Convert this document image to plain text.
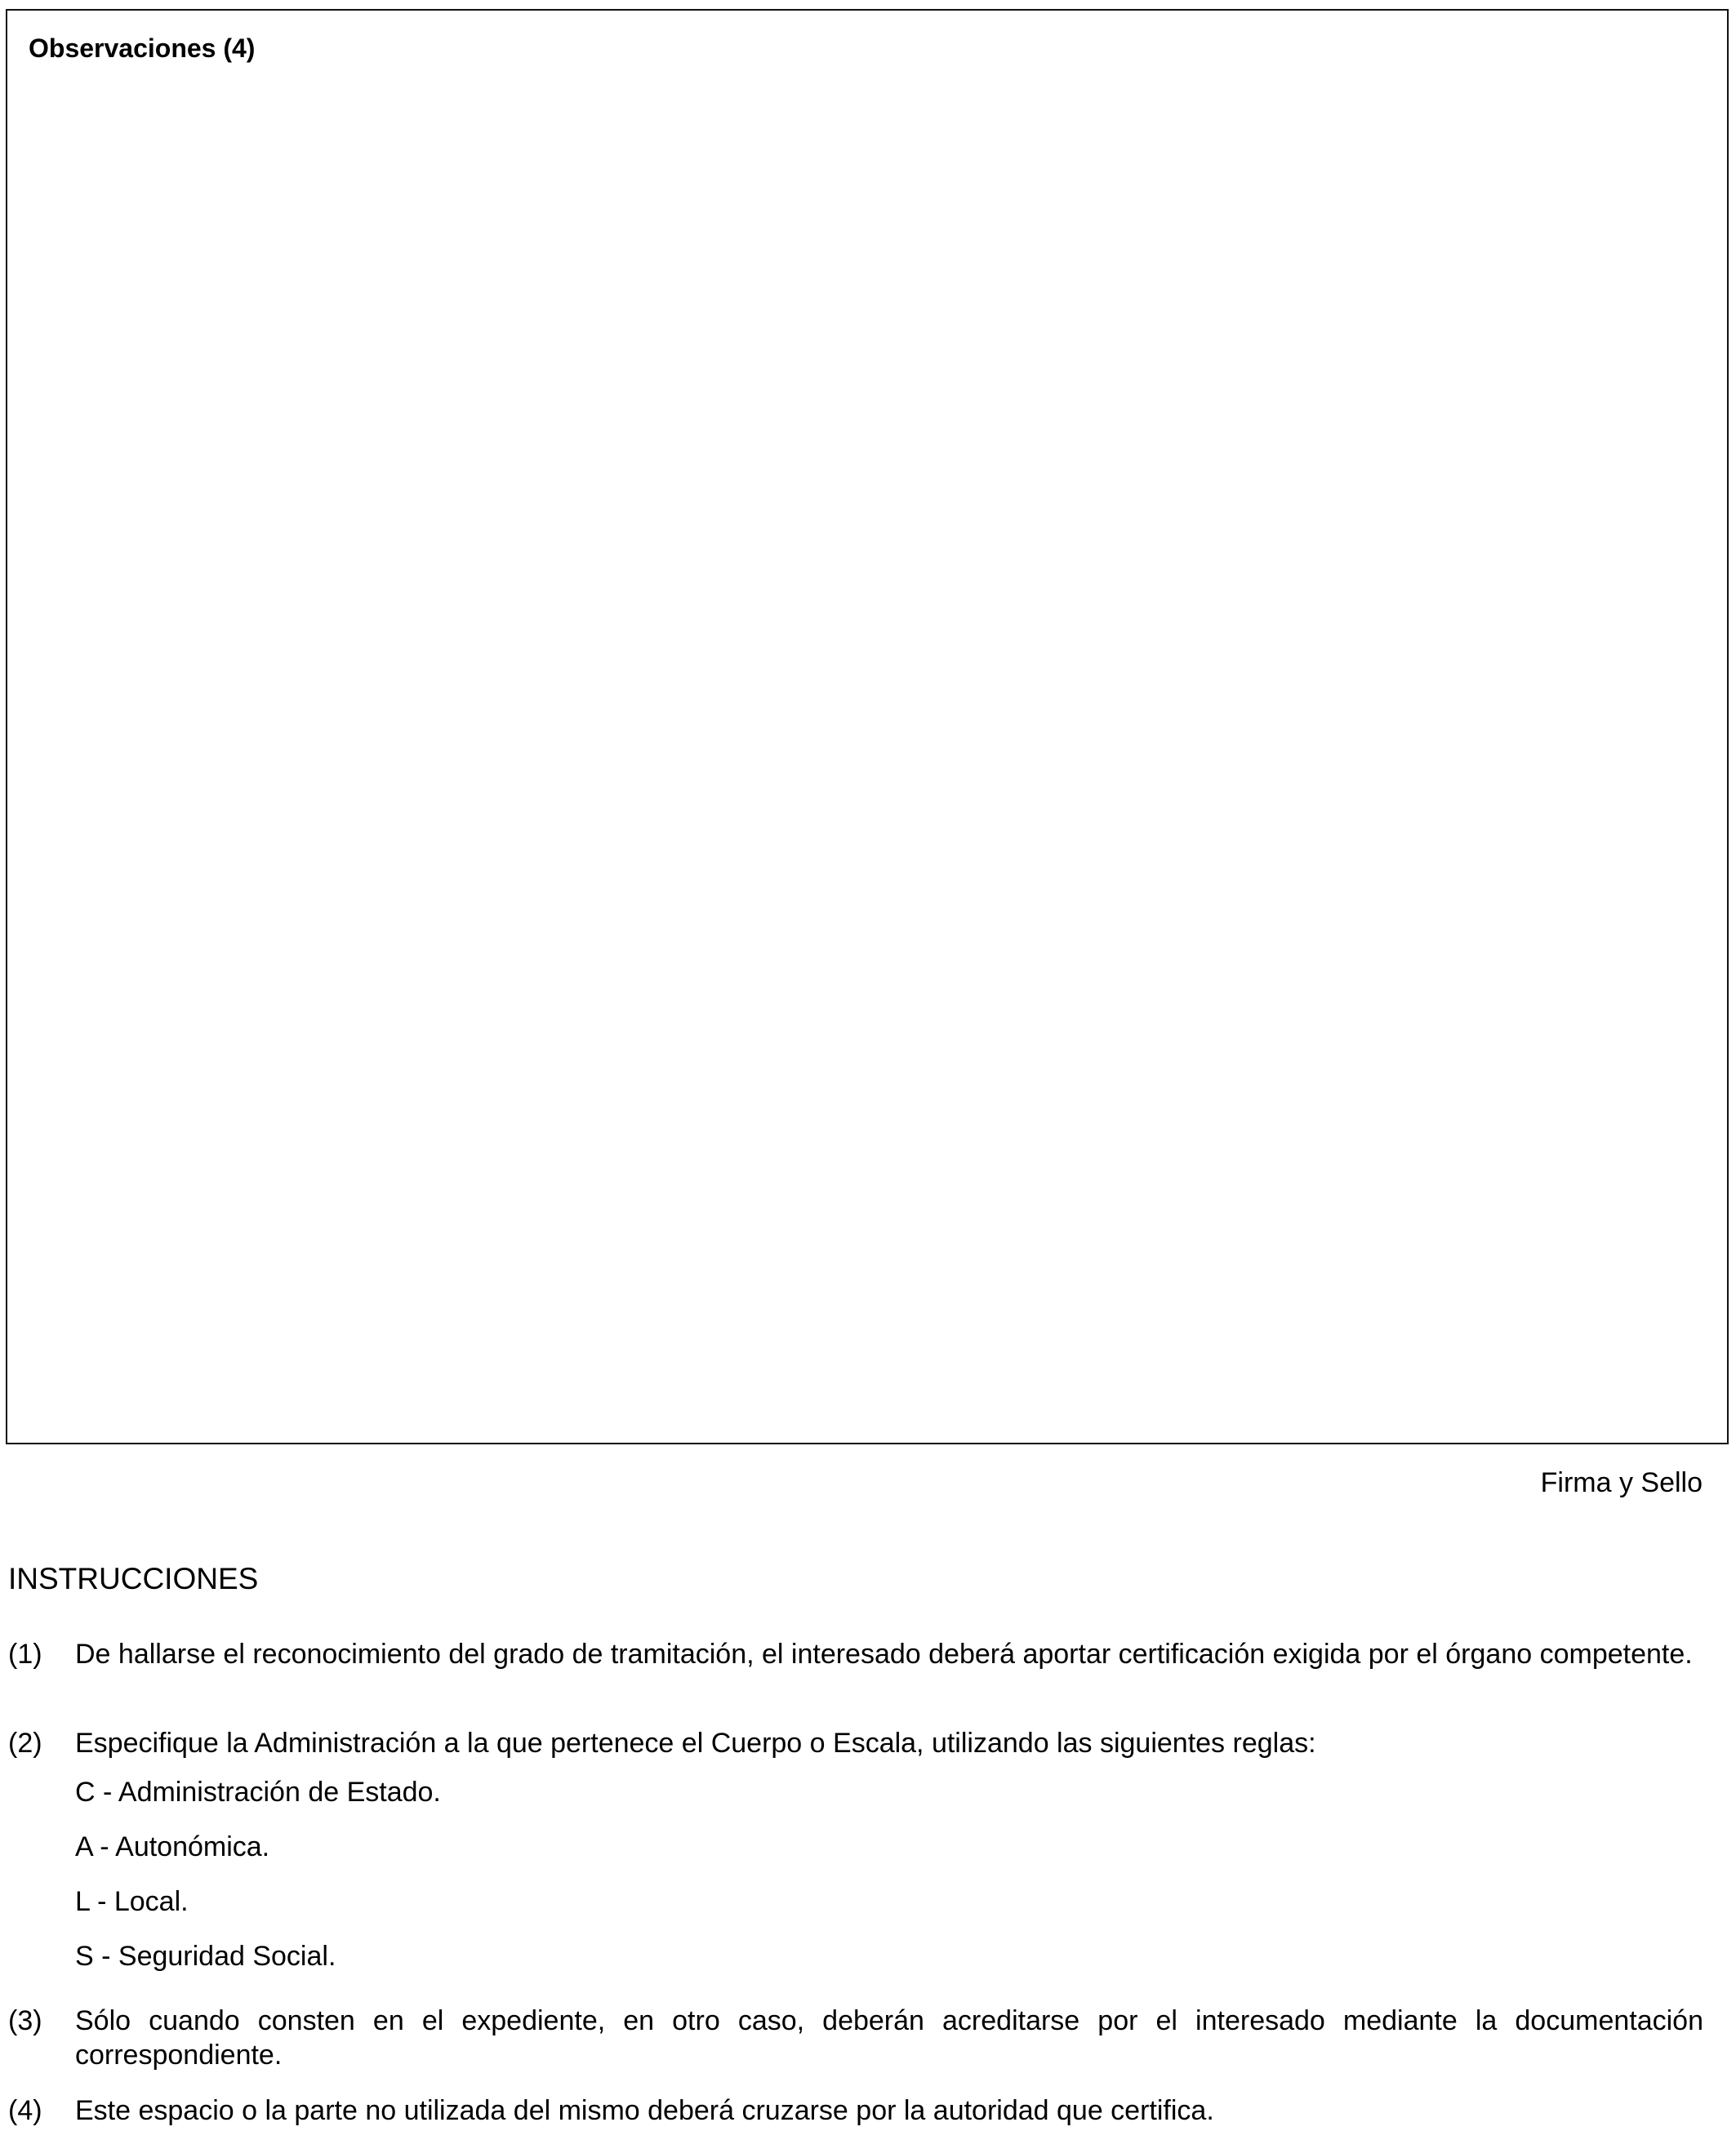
Observaciones (4)
Firma y Sello
INSTRUCCIONES
(1) De hallarse el reconocimiento del grado de tramitación, el interesado deberá aportar certificación exigida por el órgano competente.
(2) Especifique la Administración a la que pertenece el Cuerpo o Escala, utilizando las siguientes reglas:
C - Administración de Estado.
A - Autonómica.
L - Local.
S - Seguridad Social.
(3) Sólo cuando consten en el expediente, en otro caso, deberán acreditarse por el interesado mediante la documentación correspondiente.
(4) Este espacio o la parte no utilizada del mismo deberá cruzarse por la autoridad que certifica.
